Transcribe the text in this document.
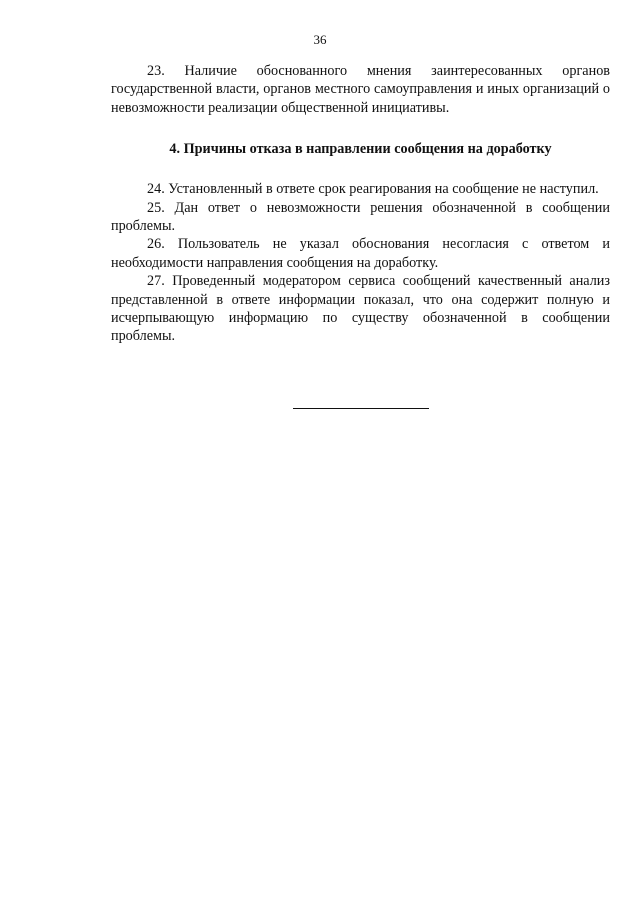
36

23. Наличие обоснованного мнения заинтересованных органов государственной власти, органов местного самоуправления и иных организаций о невозможности реализации общественной инициативы.

4. Причины отказа в направлении сообщения на доработку

24. Установленный в ответе срок реагирования на сообщение не наступил.

25. Дан ответ о невозможности решения обозначенной в сообщении проблемы.

26. Пользователь не указал обоснования несогласия с ответом и необходимости направления сообщения на доработку.

27. Проведенный модератором сервиса сообщений качественный анализ представленной в ответе информации показал, что она содержит полную и исчерпывающую информацию по существу обозначенной в сообщении проблемы.
